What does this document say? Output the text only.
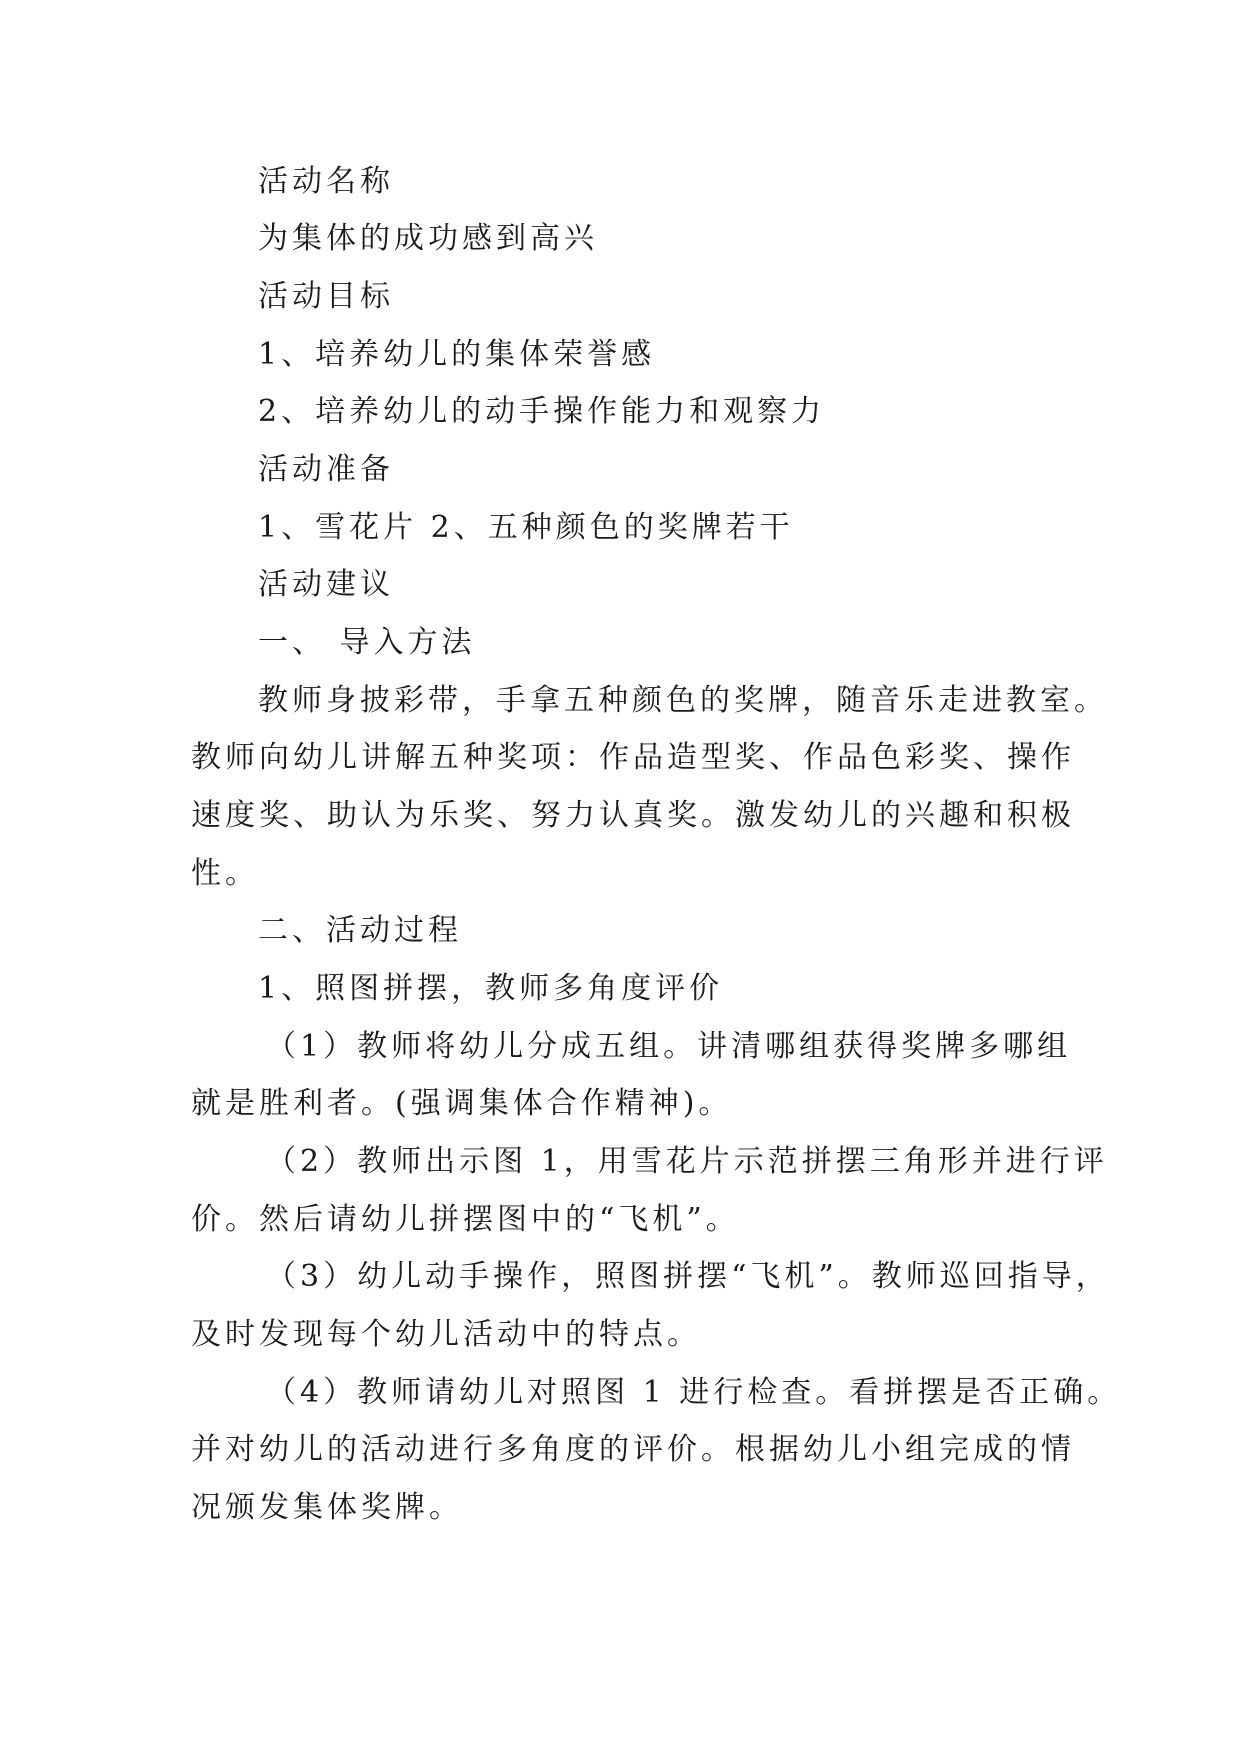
活动名称
为集体的成功感到高兴
活动目标
1、培养幼儿的集体荣誉感
2、培养幼儿的动手操作能力和观察力
活动准备
1、雪花片 2、五种颜色的奖牌若干
活动建议
一、 导入方法
教师身披彩带，手拿五种颜色的奖牌，随音乐走进教室。
教师向幼儿讲解五种奖项：作品造型奖、作品色彩奖、操作
速度奖、助认为乐奖、努力认真奖。激发幼儿的兴趣和积极
性。
二、活动过程
1、照图拼摆，教师多角度评价
（1）教师将幼儿分成五组。讲清哪组获得奖牌多哪组
就是胜利者。(强调集体合作精神)。
（2）教师出示图 1，用雪花片示范拼摆三角形并进行评
价。然后请幼儿拼摆图中的“飞机”。
（3）幼儿动手操作，照图拼摆“飞机”。教师巡回指导，
及时发现每个幼儿活动中的特点。
（4）教师请幼儿对照图 1 进行检查。看拼摆是否正确。
并对幼儿的活动进行多角度的评价。根据幼儿小组完成的情
况颁发集体奖牌。
